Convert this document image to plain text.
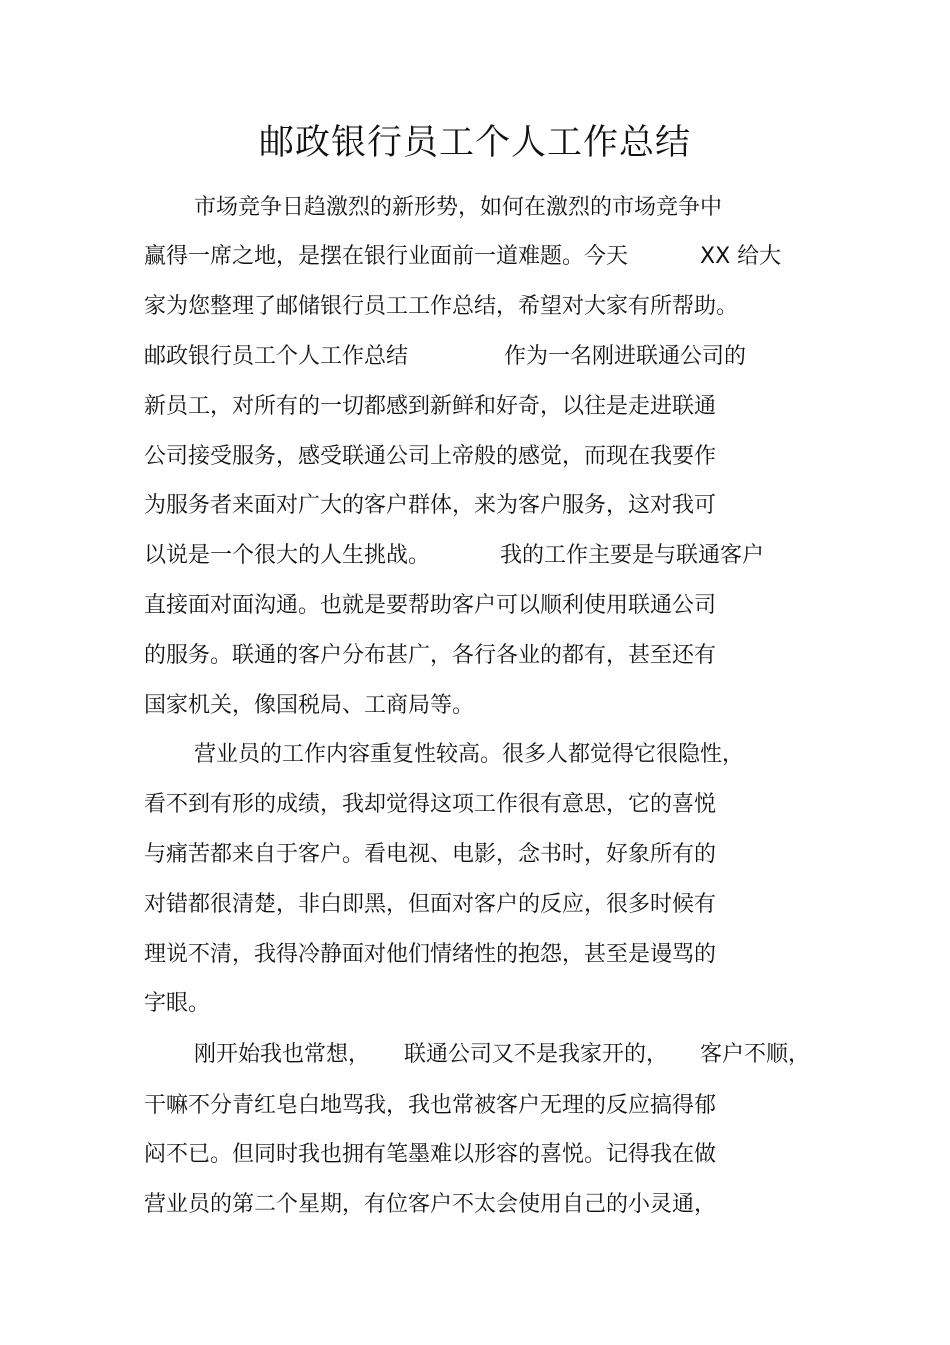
邮政银行员工个人工作总结
市场竞争日趋激烈的新形势，如何在激烈的市场竞争中
赢得一席之地，是摆在银行业面前一道难题。今天	XX 给大
家为您整理了邮储银行员工工作总结，希望对大家有所帮助。
邮政银行员工个人工作总结	作为一名刚进联通公司的
新员工，对所有的一切都感到新鲜和好奇，以往是走进联通
公司接受服务，感受联通公司上帝般的感觉，而现在我要作
为服务者来面对广大的客户群体，来为客户服务，这对我可
以说是一个很大的人生挑战。	我的工作主要是与联通客户
直接面对面沟通。也就是要帮助客户可以顺利使用联通公司
的服务。联通的客户分布甚广，各行各业的都有，甚至还有
国家机关，像国税局、工商局等。
营业员的工作内容重复性较高。很多人都觉得它很隐性，
看不到有形的成绩，我却觉得这项工作很有意思，它的喜悦
与痛苦都来自于客户。看电视、电影，念书时，好象所有的
对错都很清楚，非白即黑，但面对客户的反应，很多时候有
理说不清，我得冷静面对他们情绪性的抱怨，甚至是谩骂的
字眼。
刚开始我也常想， 联通公司又不是我家开的， 客户不顺，
干嘛不分青红皂白地骂我，我也常被客户无理的反应搞得郁
闷不已。但同时我也拥有笔墨难以形容的喜悦。记得我在做
营业员的第二个星期，有位客户不太会使用自己的小灵通，
